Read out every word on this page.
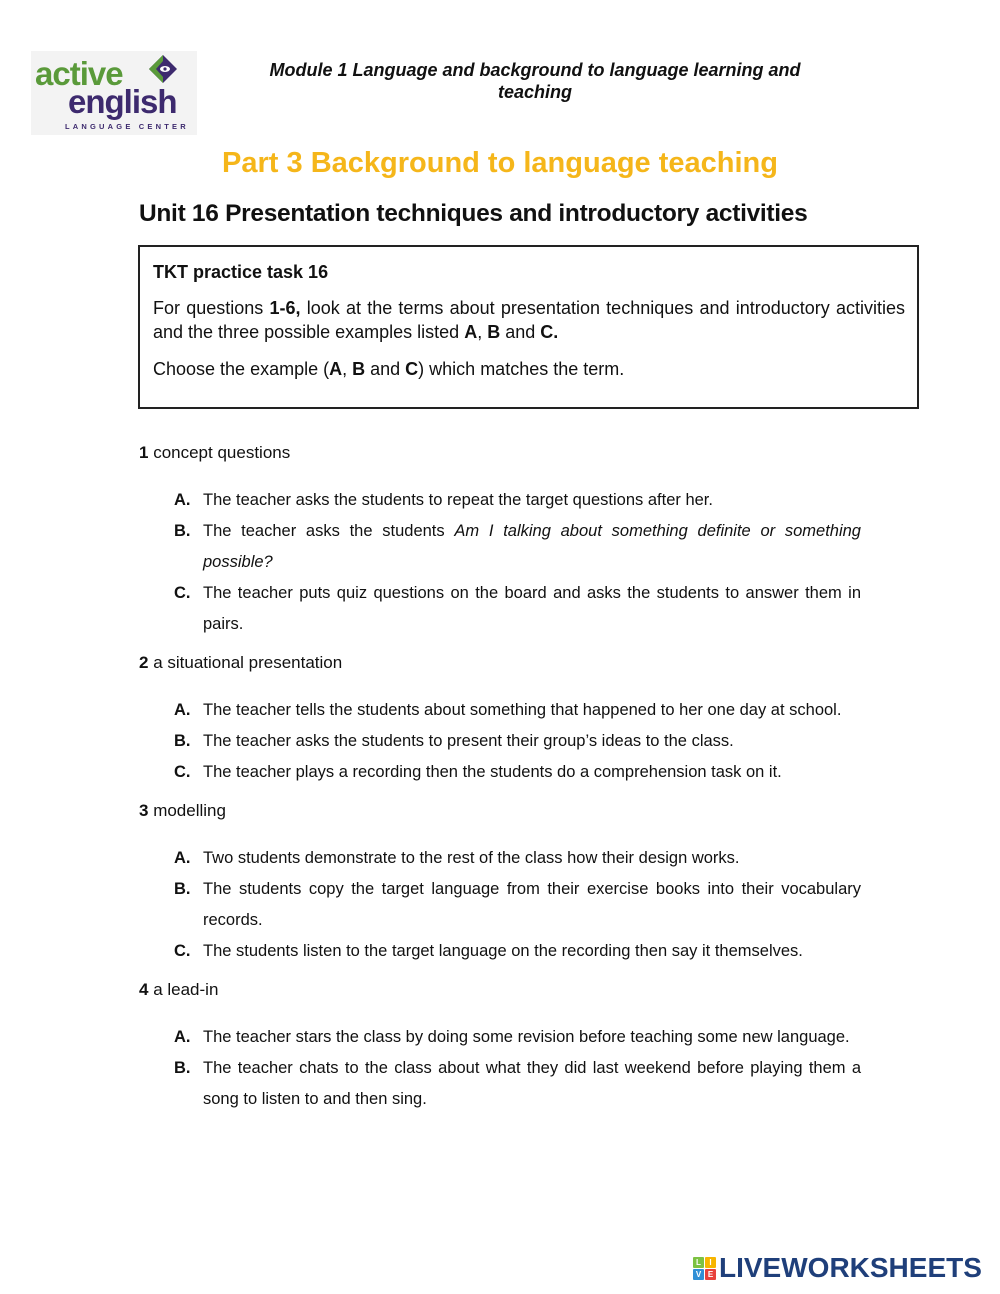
active
english
LANGUAGE CENTER
Module 1 Language and background to language learning and teaching
Part 3 Background to language teaching
Unit 16 Presentation techniques and introductory activities
TKT practice task 16

For questions 1-6, look at the terms about presentation techniques and introductory activities and the three possible examples listed A, B and C.

Choose the example (A, B and C) which matches the term.

1 concept questions
A. The teacher asks the students to repeat the target questions after her.
B. The teacher asks the students Am I talking about something definite or something possible?
C. The teacher puts quiz questions on the board and asks the students to answer them in pairs.
2 a situational presentation
A. The teacher tells the students about something that happened to her one day at school.
B. The teacher asks the students to present their group’s ideas to the class.
C. The teacher plays a recording then the students do a comprehension task on it.
3 modelling
A. Two students demonstrate to the rest of the class how their design works.
B. The students copy the target language from their exercise books into their vocabulary records.
C. The students listen to the target language on the recording then say it themselves.
4 a lead-in
A. The teacher stars the class by doing some revision before teaching some new language.
B. The teacher chats to the class about what they did last weekend before playing them a song to listen to and then sing.
L	I
V E LIVEWORKSHEETS
